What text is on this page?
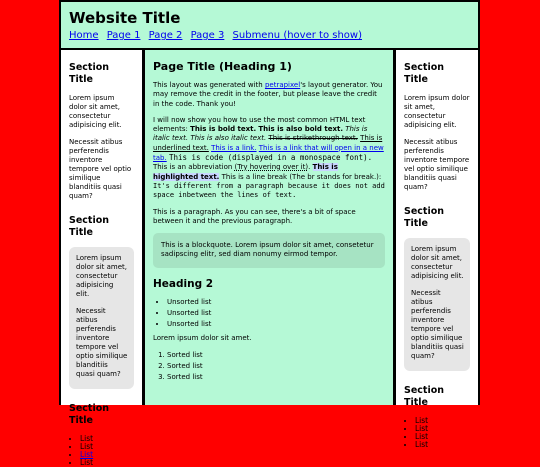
Website Title
Home Page 1 Page 2 Page 3 Submenu (hover to show)
Section Title

Lorem ipsum dolor sit amet, consectetur adipisicing elit.

Necessit atibus perferendis inventore tempore vel optio similique blanditiis quasi quam?

Section Title

Lorem ipsum dolor sit amet, consectetur adipisicing elit.

Necessit atibus perferendis inventore tempore vel optio similique blanditiis quasi quam?

Section Title
• List
• List
• List
• List
Page Title (Heading 1)

This layout was generated with petrapixel's layout generator. You may remove the credit in the footer, but please leave the credit in the code. Thank you!

I will now show you how to use the most common HTML text elements: This is bold text. This is also bold text. This is italic text. This is also italic text. This is strikethrough text. This is underlined text. This is a link. This is a link that will open in a new tab. This is code (displayed in a monospace font). This is an abbreviation (Try hovering over it). This is highlighted text. This is a line break (The br stands for break.):
It's different from a paragraph because it does not add space inbetween the lines of text.

This is a paragraph. As you can see, there's a bit of space between it and the previous paragraph.

This is a blockquote. Lorem ipsum dolor sit amet, consetetur sadipscing elitr, sed diam nonumy eirmod tempor.
Heading 2
• Unsorted list
• Unsorted list
• Unsorted list

Lorem ipsum dolor sit amet.

1. Sorted list
2. Sorted list
3. Sorted list
Section Title

Lorem ipsum dolor sit amet, consectetur adipisicing elit.

Necessit atibus perferendis inventore tempore vel optio similique blanditiis quasi quam?

Section Title

Lorem ipsum dolor sit amet, consectetur adipisicing elit.

Necessit atibus perferendis inventore tempore vel optio similique blanditiis quasi quam?

Section Title
• List
• List
• List
• List
